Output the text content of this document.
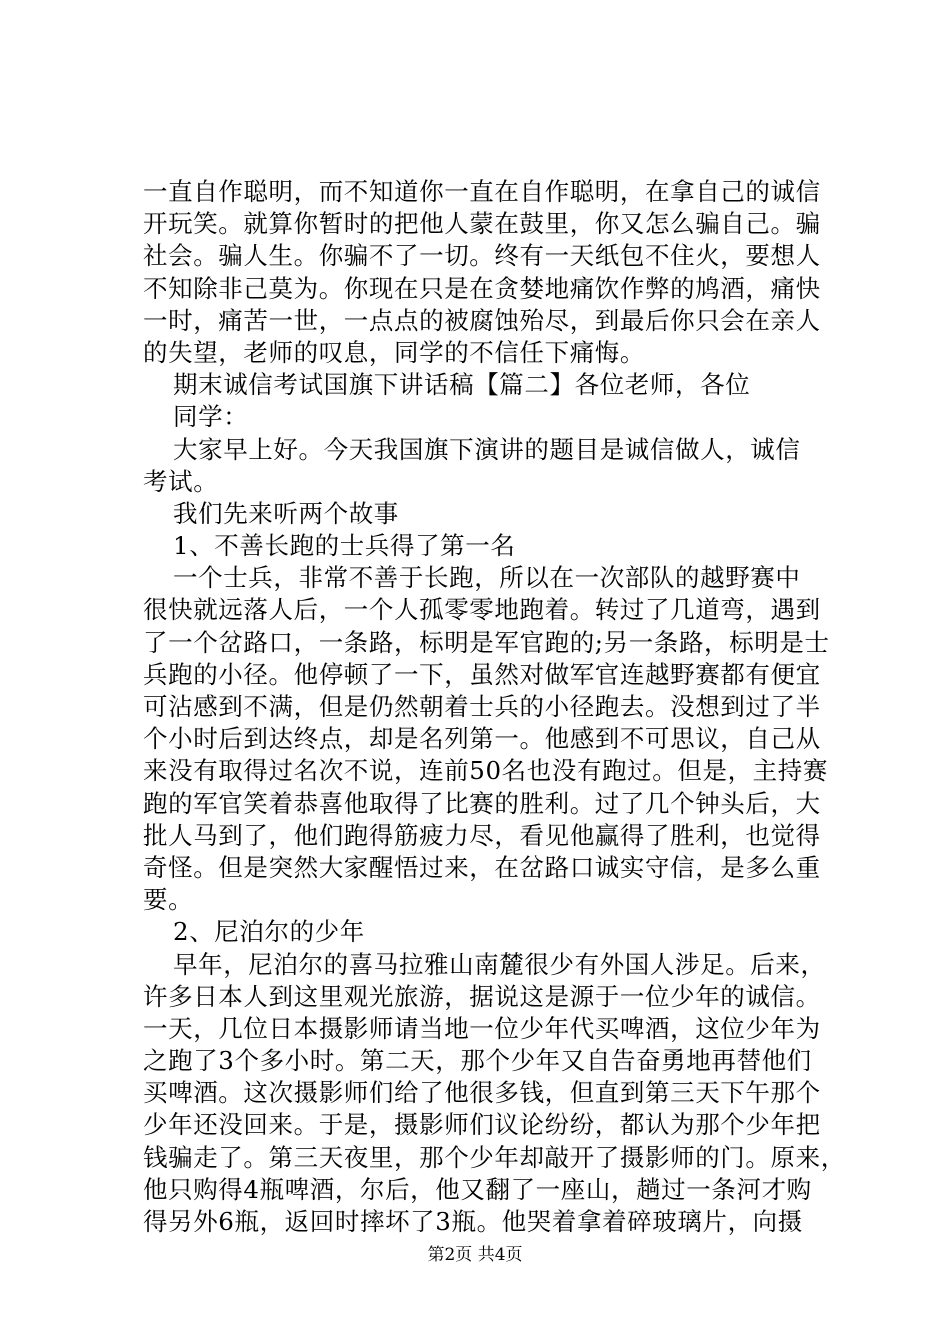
一直自作聪明，而不知道你一直在自作聪明，在拿自己的诚信
开玩笑。就算你暂时的把他人蒙在鼓里，你又怎么骗自己。骗
社会。骗人生。你骗不了一切。终有一天纸包不住火，要想人
不知除非己莫为。你现在只是在贪婪地痛饮作弊的鸠酒，痛快
一时，痛苦一世，一点点的被腐蚀殆尽，到最后你只会在亲人
的失望，老师的叹息，同学的不信任下痛悔。
期末诚信考试国旗下讲话稿【篇二】各位老师，各位
同学：
大家早上好。今天我国旗下演讲的题目是诚信做人，诚信
考试。
我们先来听两个故事
1、不善长跑的士兵得了第一名
一个士兵，非常不善于长跑，所以在一次部队的越野赛中
很快就远落人后，一个人孤零零地跑着。转过了几道弯，遇到
了一个岔路口，一条路，标明是军官跑的;另一条路，标明是士
兵跑的小径。他停顿了一下，虽然对做军官连越野赛都有便宜
可沾感到不满，但是仍然朝着士兵的小径跑去。没想到过了半
个小时后到达终点，却是名列第一。他感到不可思议，自己从
来没有取得过名次不说，连前50名也没有跑过。但是，主持赛
跑的军官笑着恭喜他取得了比赛的胜利。过了几个钟头后，大
批人马到了，他们跑得筋疲力尽，看见他赢得了胜利，也觉得
奇怪。但是突然大家醒悟过来，在岔路口诚实守信，是多么重
要。
2、尼泊尔的少年
早年，尼泊尔的喜马拉雅山南麓很少有外国人涉足。后来，
许多日本人到这里观光旅游，据说这是源于一位少年的诚信。
一天，几位日本摄影师请当地一位少年代买啤酒，这位少年为
之跑了3个多小时。第二天，那个少年又自告奋勇地再替他们
买啤酒。这次摄影师们给了他很多钱，但直到第三天下午那个
少年还没回来。于是，摄影师们议论纷纷，都认为那个少年把
钱骗走了。第三天夜里，那个少年却敲开了摄影师的门。原来，
他只购得4瓶啤酒，尔后，他又翻了一座山，趟过一条河才购
得另外6瓶，返回时摔坏了3瓶。他哭着拿着碎玻璃片，向摄
第2页 共4页
